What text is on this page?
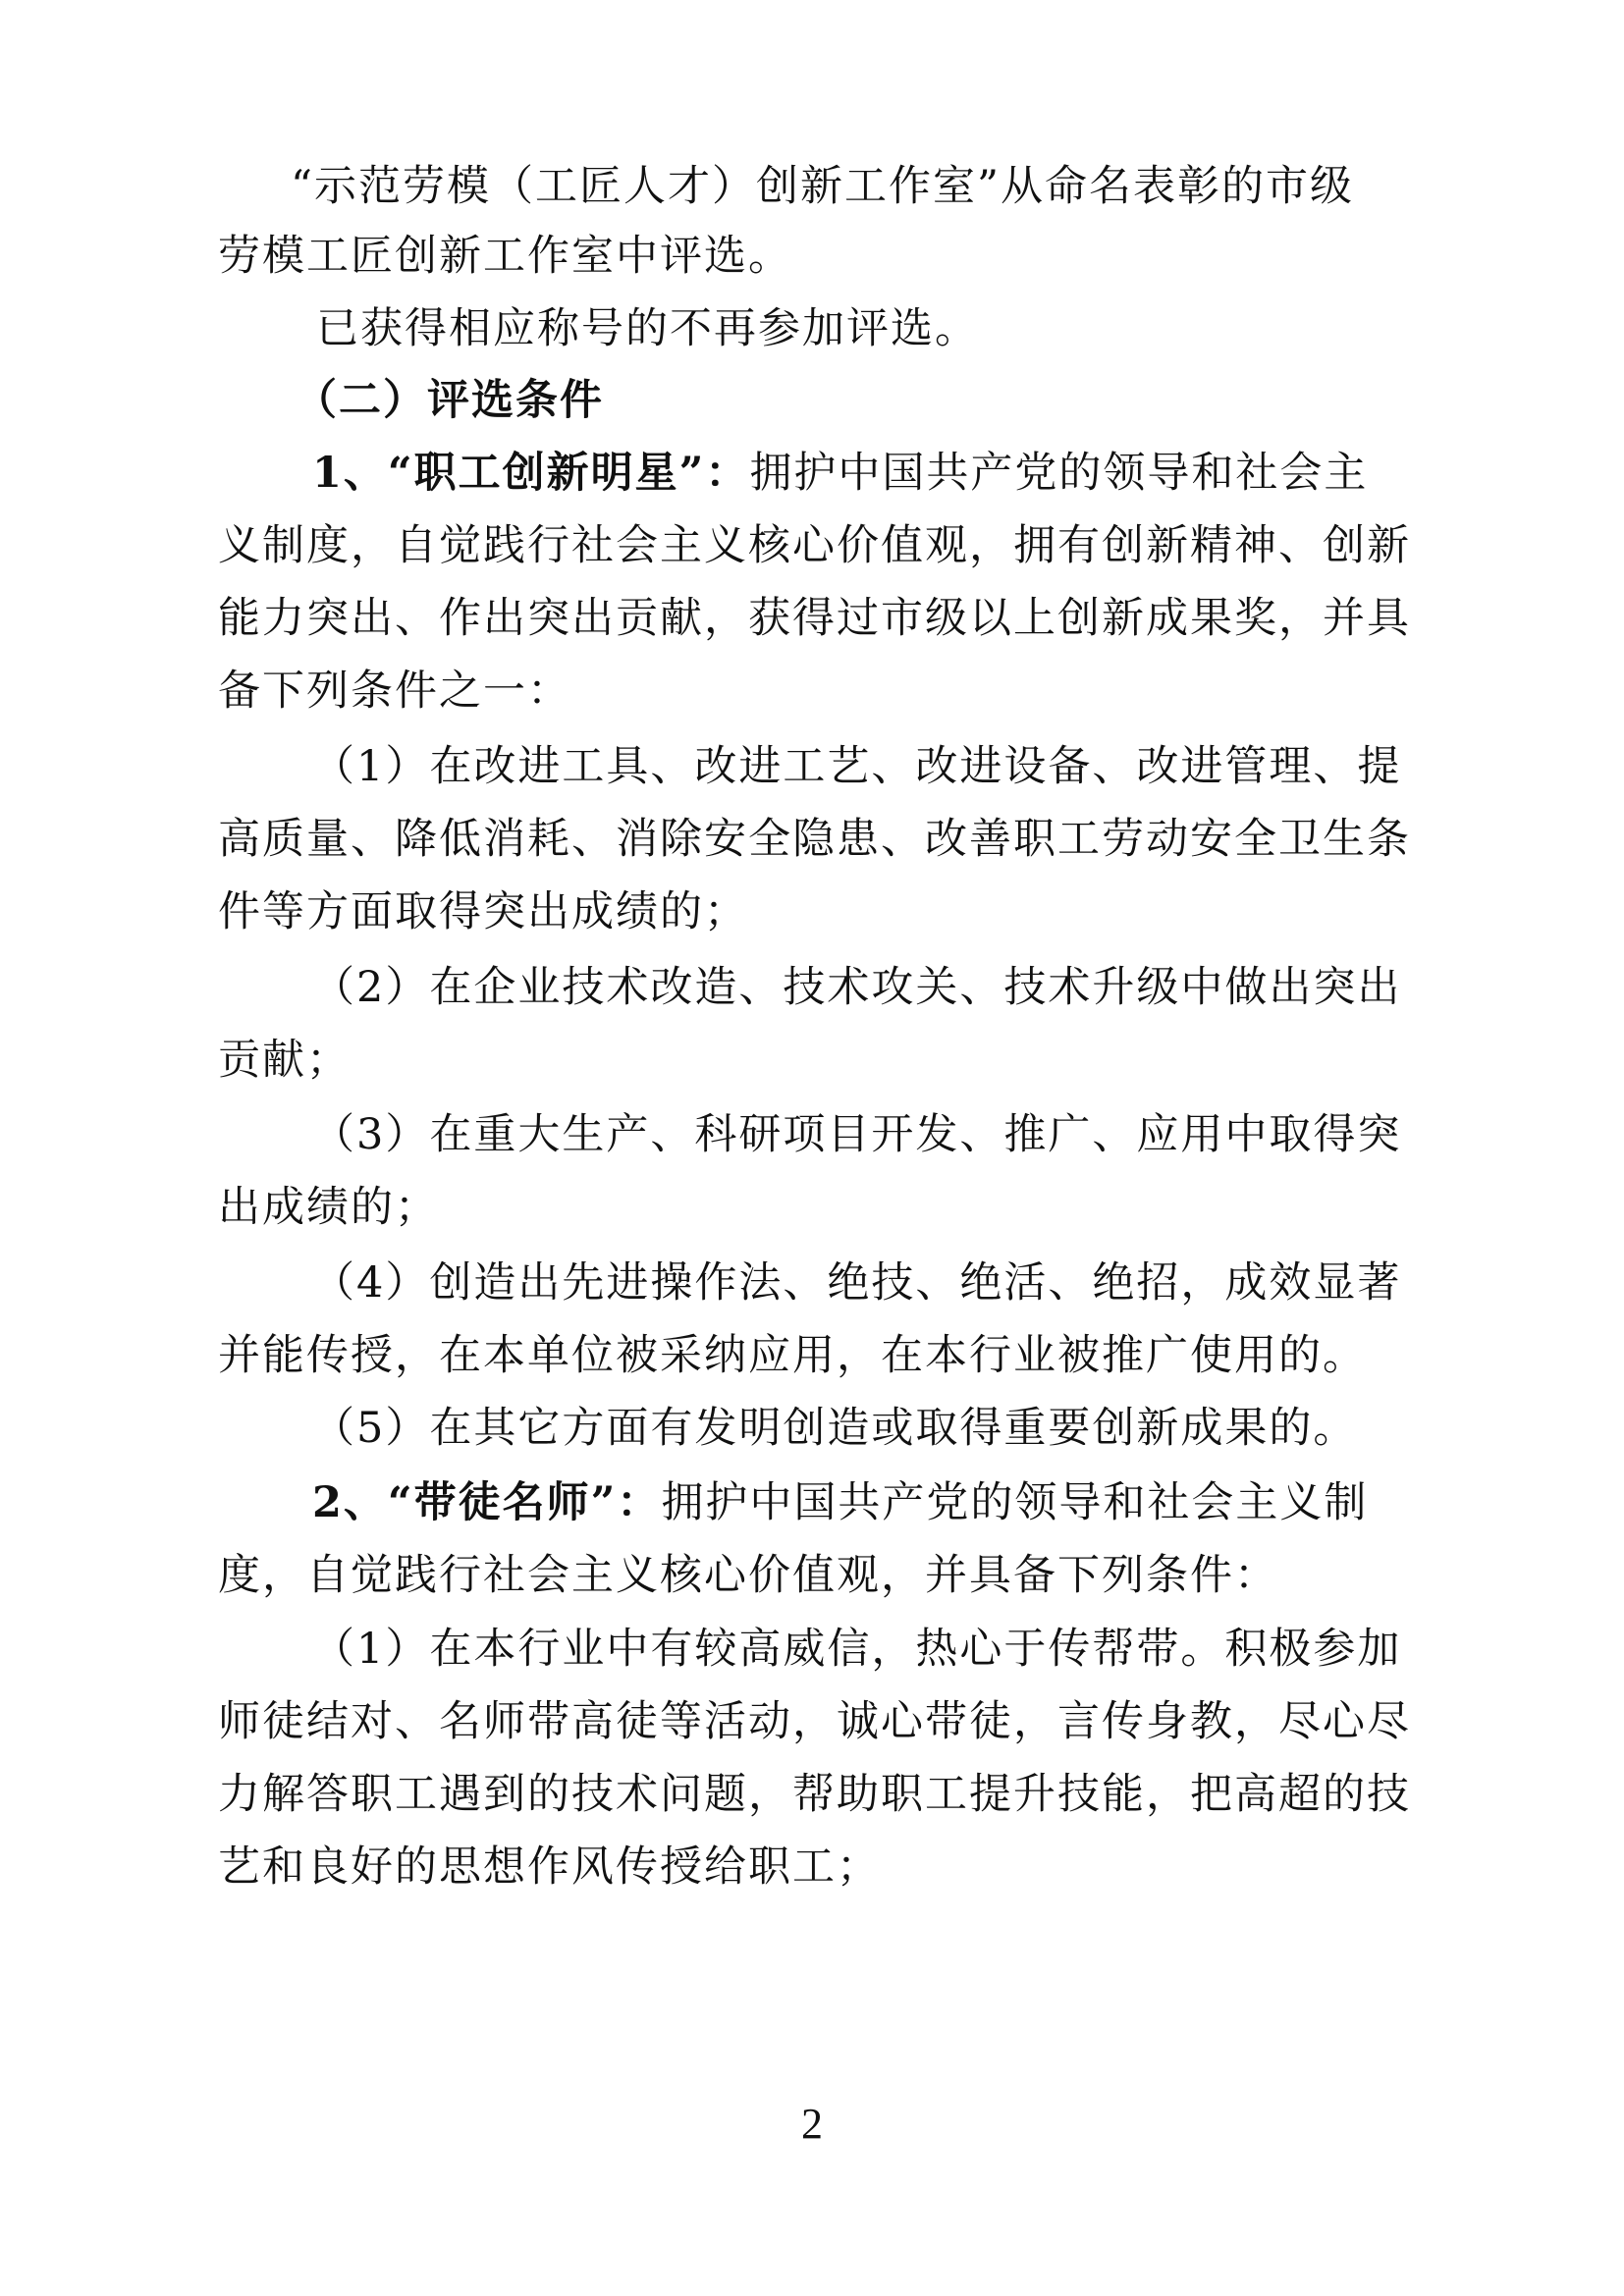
“示范劳模（工匠人才）创新工作室”从命名表彰的市级
劳模工匠创新工作室中评选。
已获得相应称号的不再参加评选。
（二）评选条件
1、“职工创新明星”：拥护中国共产党的领导和社会主
义制度，自觉践行社会主义核心价值观，拥有创新精神、创新
能力突出、作出突出贡献，获得过市级以上创新成果奖，并具
备下列条件之一：
（1）在改进工具、改进工艺、改进设备、改进管理、提
高质量、降低消耗、消除安全隐患、改善职工劳动安全卫生条
件等方面取得突出成绩的；
（2）在企业技术改造、技术攻关、技术升级中做出突出
贡献；
（3）在重大生产、科研项目开发、推广、应用中取得突
出成绩的；
（4）创造出先进操作法、绝技、绝活、绝招，成效显著
并能传授，在本单位被采纳应用，在本行业被推广使用的。
（5）在其它方面有发明创造或取得重要创新成果的。
2、“带徒名师”：拥护中国共产党的领导和社会主义制
度，自觉践行社会主义核心价值观，并具备下列条件：
（1）在本行业中有较高威信，热心于传帮带。积极参加
师徒结对、名师带高徒等活动，诚心带徒，言传身教，尽心尽
力解答职工遇到的技术问题，帮助职工提升技能，把高超的技
艺和良好的思想作风传授给职工；
2
